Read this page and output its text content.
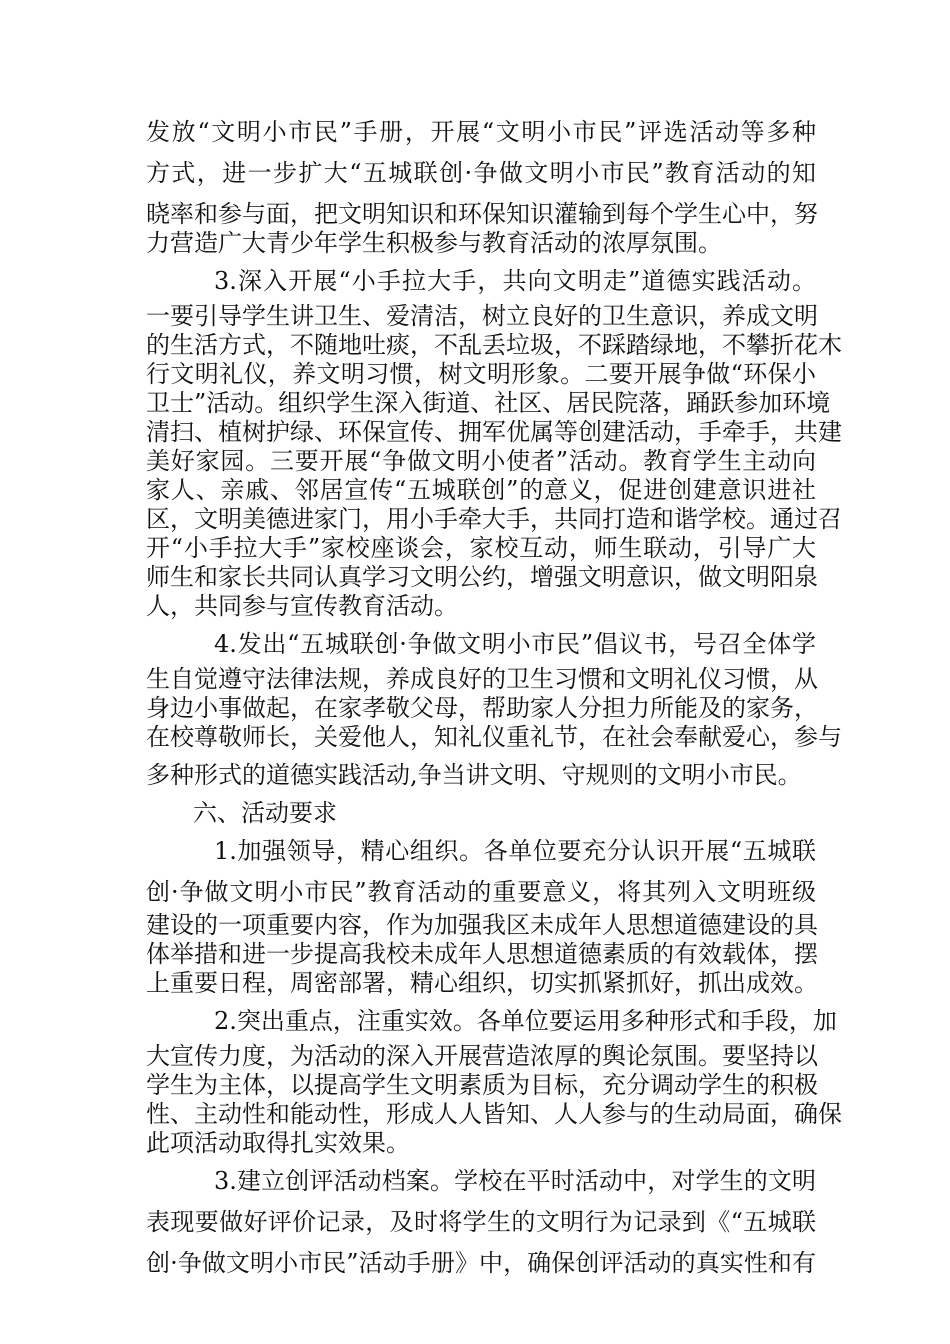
发放“文明小市民”手册，开展“文明小市民”评选活动等多种
方式，进一步扩大“五城联创·争做文明小市民”教育活动的知
晓率和参与面，把文明知识和环保知识灌输到每个学生心中，努
力营造广大青少年学生积极参与教育活动的浓厚氛围。
3.深入开展“小手拉大手，共向文明走”道德实践活动。
一要引导学生讲卫生、爱清洁，树立良好的卫生意识，养成文明
的生活方式，不随地吐痰，不乱丢垃圾，不踩踏绿地，不攀折花木
行文明礼仪，养文明习惯，树文明形象。二要开展争做“环保小
卫士”活动。组织学生深入街道、社区、居民院落，踊跃参加环境
清扫、植树护绿、环保宣传、拥军优属等创建活动，手牵手，共建
美好家园。三要开展“争做文明小使者”活动。教育学生主动向
家人、亲戚、邻居宣传“五城联创”的意义，促进创建意识进社
区，文明美德进家门，用小手牵大手，共同打造和谐学校。通过召
开“小手拉大手”家校座谈会，家校互动，师生联动，引导广大
师生和家长共同认真学习文明公约，增强文明意识，做文明阳泉
人，共同参与宣传教育活动。
4.发出“五城联创·争做文明小市民”倡议书，号召全体学
生自觉遵守法律法规，养成良好的卫生习惯和文明礼仪习惯，从
身边小事做起，在家孝敬父母，帮助家人分担力所能及的家务，
在校尊敬师长，关爱他人，知礼仪重礼节，在社会奉献爱心，参与
多种形式的道德实践活动,争当讲文明、守规则的文明小市民。
六、活动要求
1.加强领导，精心组织。各单位要充分认识开展“五城联
创·争做文明小市民”教育活动的重要意义，将其列入文明班级
建设的一项重要内容，作为加强我区未成年人思想道德建设的具
体举措和进一步提高我校未成年人思想道德素质的有效载体，摆
上重要日程，周密部署，精心组织，切实抓紧抓好，抓出成效。
2.突出重点，注重实效。各单位要运用多种形式和手段，加
大宣传力度，为活动的深入开展营造浓厚的舆论氛围。要坚持以
学生为主体，以提高学生文明素质为目标，充分调动学生的积极
性、主动性和能动性，形成人人皆知、人人参与的生动局面，确保
此项活动取得扎实效果。
3.建立创评活动档案。学校在平时活动中，对学生的文明
表现要做好评价记录，及时将学生的文明行为记录到《“五城联
创·争做文明小市民”活动手册》中，确保创评活动的真实性和有
